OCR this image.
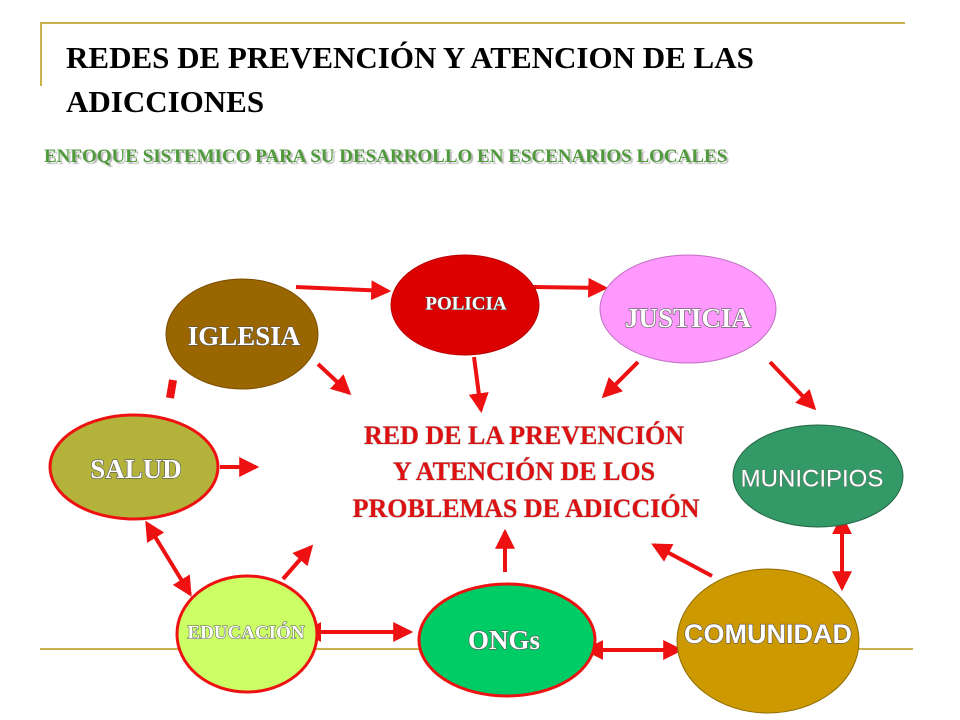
REDES DE PREVENCIÓN Y ATENCION DE LAS ADICCIONES

ENFOQUE SISTEMICO PARA SU DESARROLLO EN ESCENARIOS LOCALES

IGLESIA
POLICIA	JUSTICIA
SALUD	MUNICIPIOS
EDUCACIÓN	ONGs	COMUNIDAD
RED DE LA PREVENCIÓN
Y ATENCIÓN DE LOS
PROBLEMAS DE ADICCIÓN
